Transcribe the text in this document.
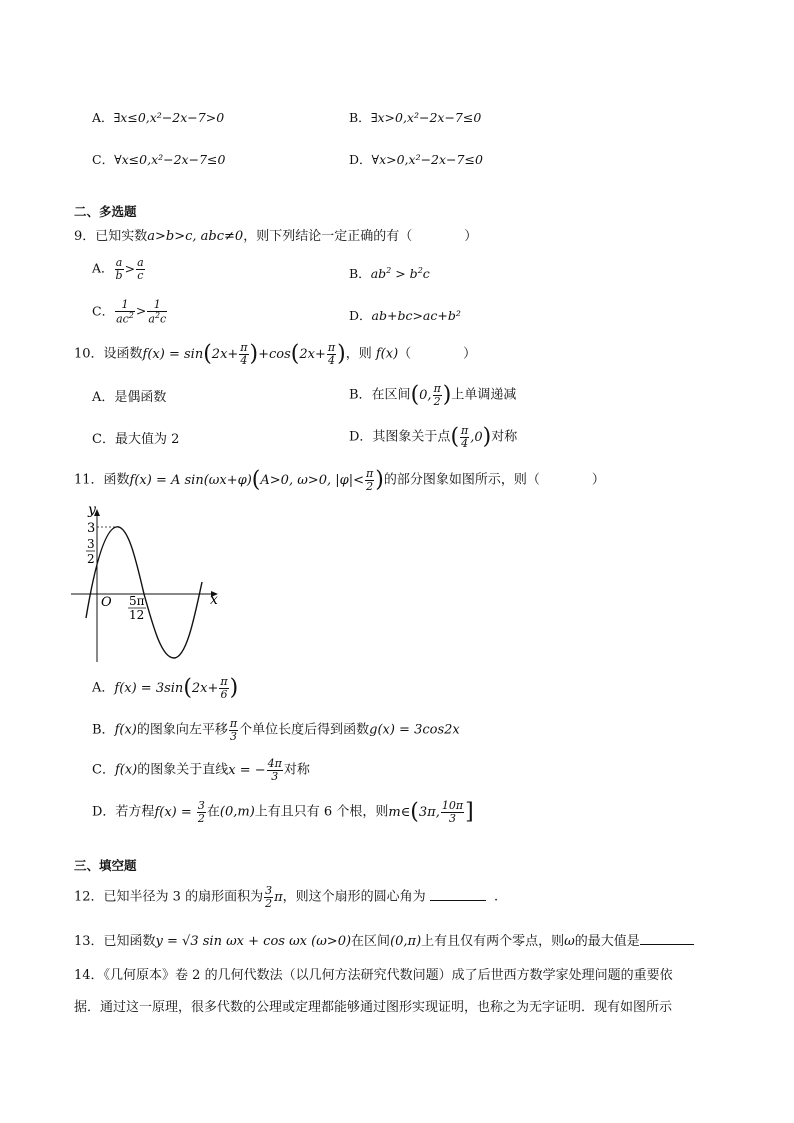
A．∃x≤0,x²−2x−7>0	B．∃x>0,x²−2x−7≤0
C．∀x≤0,x²−2x−7≤0	D．∀x>0,x²−2x−7≤0
二、多选题
9．已知实数a>b>c, abc≠0，则下列结论一定正确的有（　　　　）
A． $\frac{a}{b} > \frac{a}{c}$	B．$ab^2 > b^2c$
C． $\frac{1}{ac^2} > \frac{1}{a^2c}$	D．ab+bc>ac+b²
10．设函数$f(x) = \sin(2x+ \frac{\pi}{4} )+\cos(2x+ \frac{\pi}{4}$ )，则 f(x)（　　　　）
A．是偶函数	B．在区间(0, $\frac{\pi}{2}$ )上单调递减
C．最大值为 2	D．其图象关于点( $\frac{\pi}{4} ,0$)对称
11．函数f(x) = A sin(ωx+φ)(A>0, ω>0, $|\varphi|< \frac{\pi}{2}$ )的部分图象如图所示，则（　　　　）
y
x
O
3
3
2
5π
12
A．$f(x) = 3\sin(2x+ \frac{\pi}{6}$ )
B．f(x)的图象向左平移 $\frac{\pi}{3}$ 个单位长度后得到函数g(x) = 3cos2x
C．f(x)的图象关于直线x = − $\frac{4\pi}{3}$ 对称
D．若方程$f(x) = \frac{3}{2}$ 在(0,m)上有且只有 6 个根，则m∈(3π, $\frac{10\pi}{3}$ ]
三、填空题
12．已知半径为 3 的扇形面积为 $\frac{3}{2}$ π，则这个扇形的圆心角为	.
13．已知函数y = √3 sin ωx + cos ωx (ω>0)在区间(0,π)上有且仅有两个零点，则ω的最大值是
14．《几何原本》卷 2 的几何代数法（以几何方法研究代数问题）成了后世西方数学家处理问题的重要依
据．通过这一原理，很多代数的公理或定理都能够通过图形实现证明，也称之为无字证明．现有如图所示
